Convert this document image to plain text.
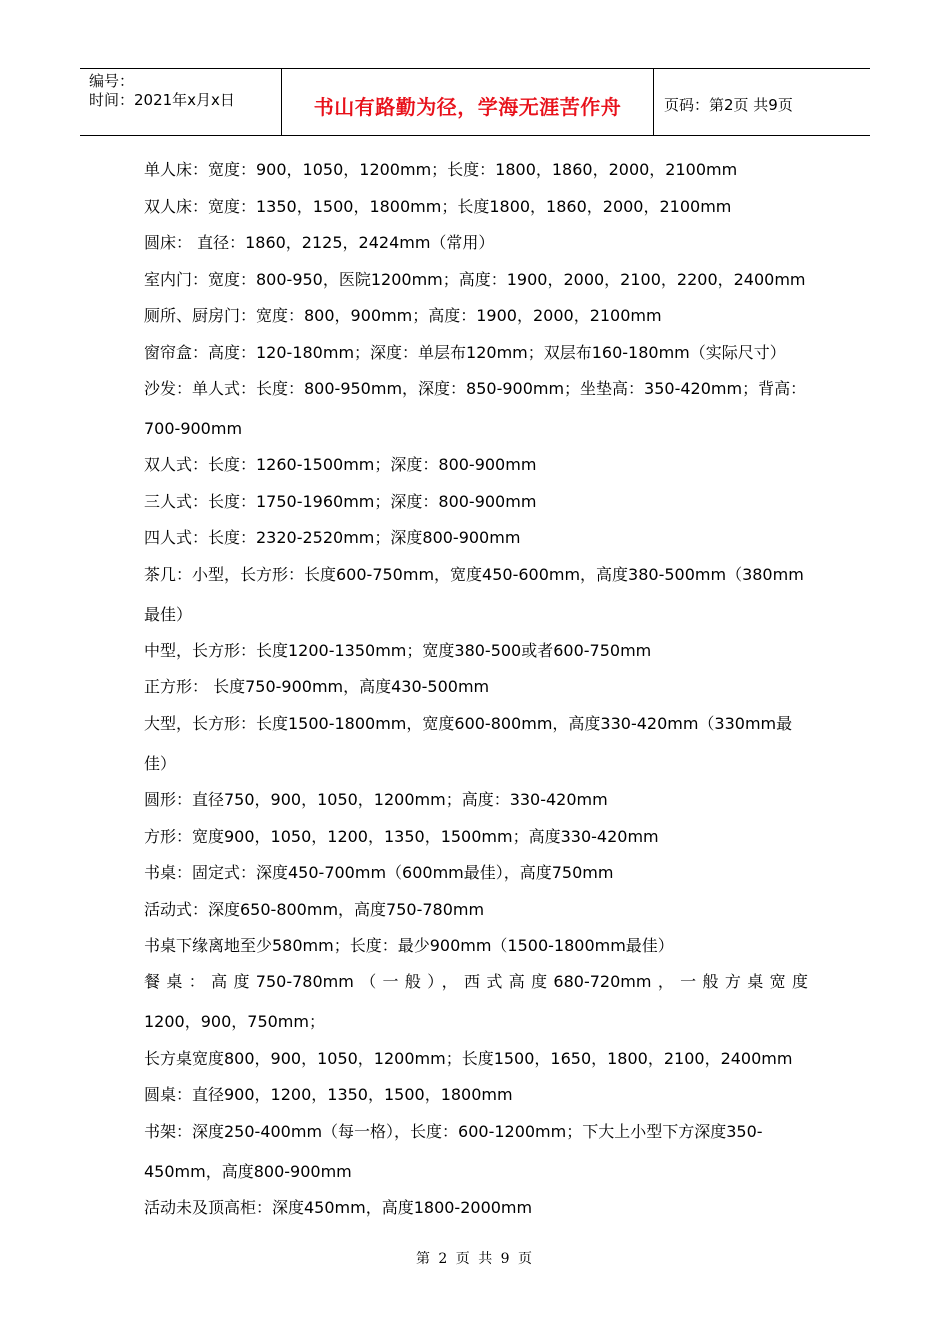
编号：
时间：2021年x月x日	书山有路勤为径，学海无涯苦作舟	页码：第2页 共9页
单人床：宽度：900，1050，1200mm；长度：1800，1860，2000，2100mm
双人床：宽度：1350，1500，1800mm；长度1800，1860，2000，2100mm
圆床： 直径：1860，2125，2424mm（常用）
室内门：宽度：800-950，医院1200mm；高度：1900，2000，2100，2200，2400mm
厕所、厨房门：宽度：800，900mm；高度：1900，2000，2100mm
窗帘盒：高度：120-180mm；深度：单层布120mm；双层布160-180mm（实际尺寸）
沙发：单人式：长度：800-950mm，深度：850-900mm；坐垫高：350-420mm；背高：
700-900mm
双人式：长度：1260-1500mm；深度：800-900mm
三人式：长度：1750-1960mm；深度：800-900mm
四人式：长度：2320-2520mm；深度800-900mm
茶几：小型，长方形：长度600-750mm，宽度450-600mm，高度380-500mm（380mm
最佳）
中型，长方形：长度1200-1350mm；宽度380-500或者600-750mm
正方形： 长度750-900mm，高度430-500mm
大型，长方形：长度1500-1800mm，宽度600-800mm，高度330-420mm（330mm最
佳）
圆形：直径750，900，1050，1200mm；高度：330-420mm
方形：宽度900，1050，1200，1350，1500mm；高度330-420mm
书桌：固定式：深度450-700mm（600mm最佳），高度750mm
活动式：深度650-800mm，高度750-780mm
书桌下缘离地至少580mm；长度：最少900mm（1500-1800mm最佳）
餐桌：高度750-780mm（一般），西式高度680-720mm，一般方桌宽度
1200，900，750mm；
长方桌宽度800，900，1050，1200mm；长度1500，1650，1800，2100，2400mm
圆桌：直径900，1200，1350，1500，1800mm
书架：深度250-400mm（每一格），长度：600-1200mm；下大上小型下方深度350-
450mm，高度800-900mm
活动未及顶高柜：深度450mm，高度1800-2000mm
第 2 页 共 9 页
